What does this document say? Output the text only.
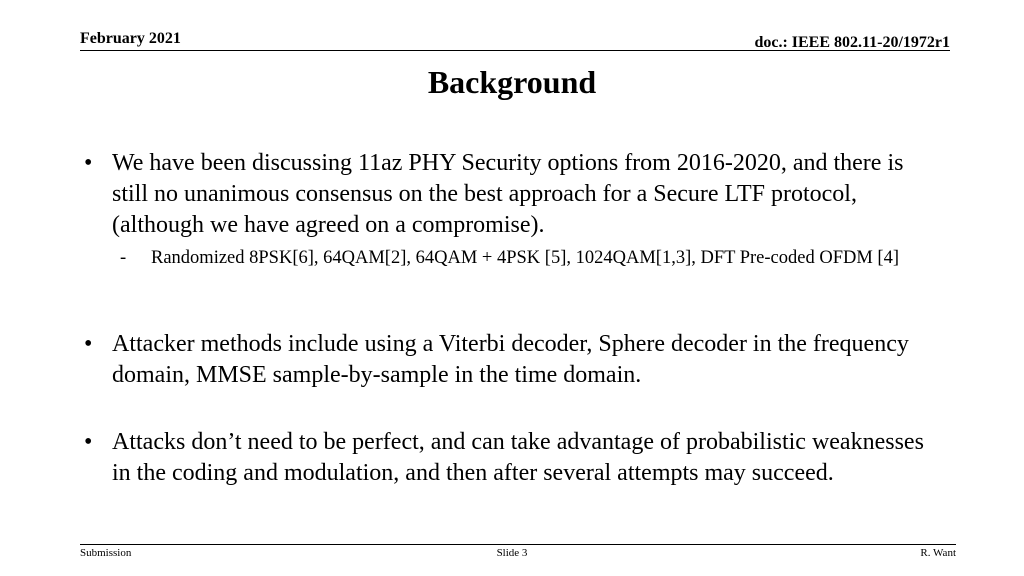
February 2021	doc.: IEEE 802.11-20/1972r1
Background
• We have been discussing 11az PHY Security options from 2016-2020, and there is still no unanimous consensus on the best approach for a Secure LTF protocol, (although we have agreed on a compromise).
-	Randomized 8PSK[6], 64QAM[2], 64QAM + 4PSK [5], 1024QAM[1,3], DFT Pre-coded OFDM [4]
• Attacker methods include using a Viterbi decoder, Sphere decoder in the frequency domain, MMSE sample-by-sample in the time domain.
• Attacks don’t need to be perfect, and can take advantage of probabilistic weaknesses in the coding and modulation, and then after several attempts may succeed.
Submission	Slide 3	R. Want
